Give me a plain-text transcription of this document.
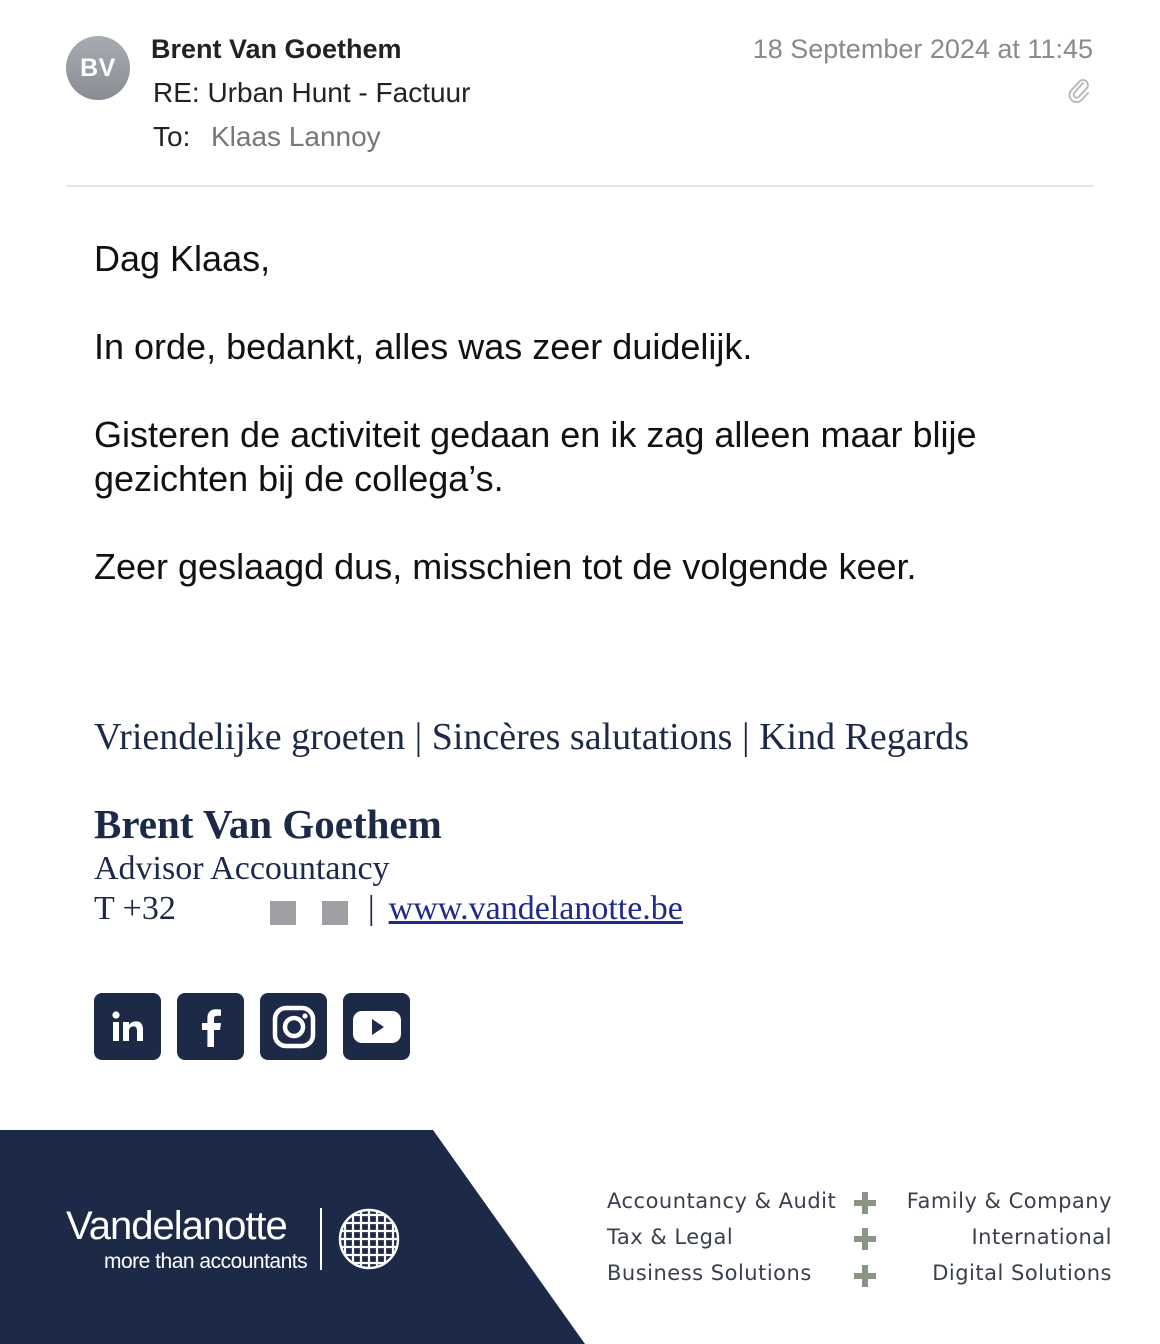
BV
Brent Van Goethem
RE: Urban Hunt - Factuur
To: Klaas Lannoy
18 September 2024 at 11:45
Dag Klaas,
In orde, bedankt, alles was zeer duidelijk.
Gisteren de activiteit gedaan en ik zag alleen maar blije gezichten bij de collega’s.
Zeer geslaagd dus, misschien tot de volgende keer.
Vriendelijke groeten | Sincères salutations | Kind Regards
Brent Van Goethem
Advisor Accountancy
T +32	| www.vandelanotte.be
Vandelanotte
more than accountants
Accountancy & Audit
Tax & Legal
Business Solutions
Family & Company
International
Digital Solutions
